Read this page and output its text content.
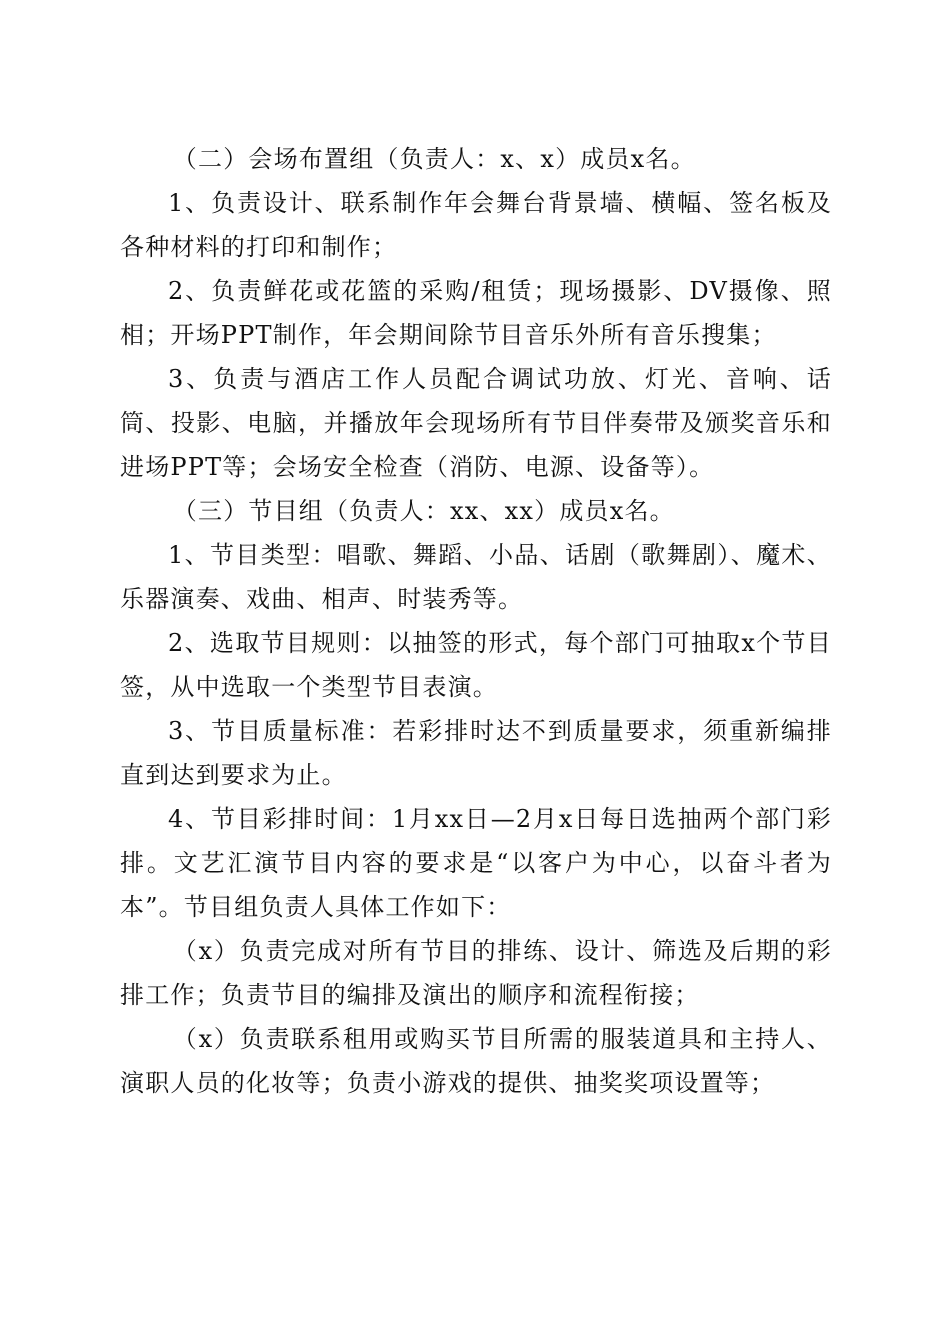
（二）会场布置组（负责人：x、x）成员x名。

1、负责设计、联系制作年会舞台背景墙、横幅、签名板及各种材料的打印和制作；

2、负责鲜花或花篮的采购/租赁；现场摄影、DV摄像、照相；开场PPT制作，年会期间除节目音乐外所有音乐搜集；

3、负责与酒店工作人员配合调试功放、灯光、音响、话筒、投影、电脑，并播放年会现场所有节目伴奏带及颁奖音乐和进场PPT等；会场安全检查（消防、电源、设备等）。

（三）节目组（负责人：xx、xx）成员x名。

1、节目类型：唱歌、舞蹈、小品、话剧（歌舞剧）、魔术、乐器演奏、戏曲、相声、时装秀等。

2、选取节目规则：以抽签的形式，每个部门可抽取x个节目签，从中选取一个类型节目表演。

3、节目质量标准：若彩排时达不到质量要求，须重新编排直到达到要求为止。

4、节目彩排时间：1月xx日—2月x日每日选抽两个部门彩排。文艺汇演节目内容的要求是“以客户为中心，以奋斗者为本”。节目组负责人具体工作如下：

（x）负责完成对所有节目的排练、设计、筛选及后期的彩排工作；负责节目的编排及演出的顺序和流程衔接；

（x）负责联系租用或购买节目所需的服装道具和主持人、演职人员的化妆等；负责小游戏的提供、抽奖奖项设置等；
